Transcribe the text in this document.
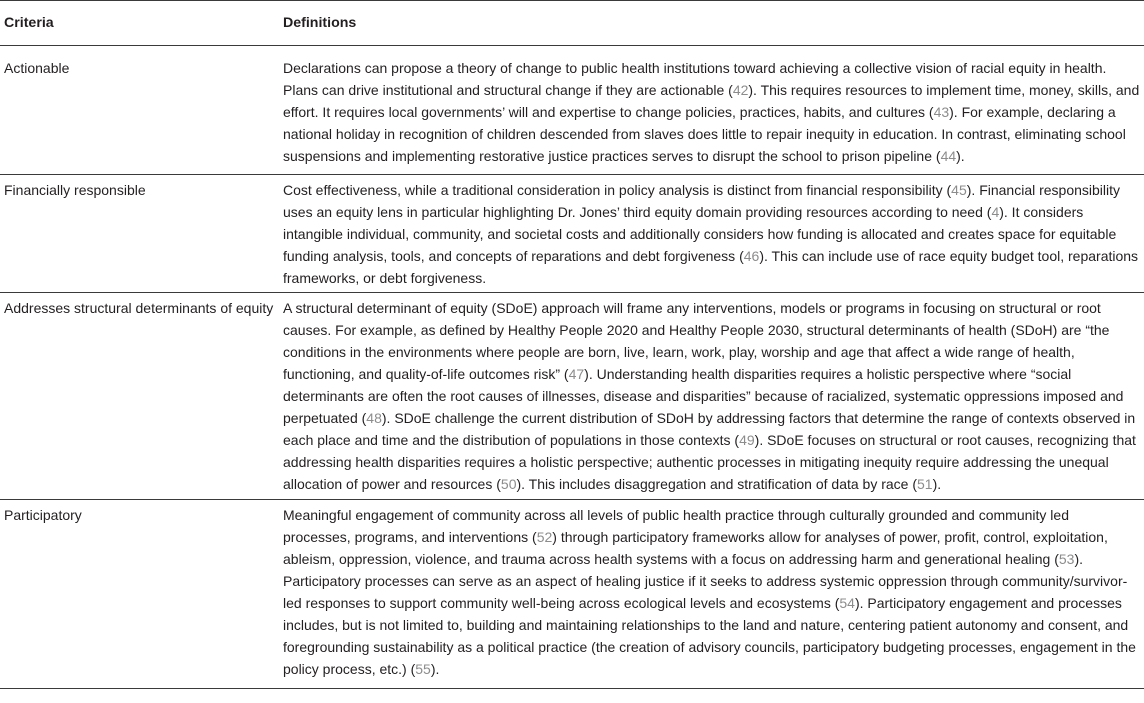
Criteria	Definitions
Actionable	Declarations can propose a theory of change to public health institutions toward achieving a collective vision of racial equity in health. Plans can drive institutional and structural change if they are actionable (42). This requires resources to implement time, money, skills, and effort. It requires local governments’ will and expertise to change policies, practices, habits, and cultures (43). For example, declaring a national holiday in recognition of children descended from slaves does little to repair inequity in education. In contrast, eliminating school suspensions and implementing restorative justice practices serves to disrupt the school to prison pipeline (44).
Financially responsible	Cost effectiveness, while a traditional consideration in policy analysis is distinct from financial responsibility (45). Financial responsibility uses an equity lens in particular highlighting Dr. Jones’ third equity domain providing resources according to need (4). It considers intangible individual, community, and societal costs and additionally considers how funding is allocated and creates space for equitable funding analysis, tools, and concepts of reparations and debt forgiveness (46). This can include use of race equity budget tool, reparations frameworks, or debt forgiveness.
Addresses structural determinants of equity	A structural determinant of equity (SDoE) approach will frame any interventions, models or programs in focusing on structural or root causes. For example, as defined by Healthy People 2020 and Healthy People 2030, structural determinants of health (SDoH) are “the conditions in the environments where people are born, live, learn, work, play, worship and age that affect a wide range of health, functioning, and quality-of-life outcomes risk” (47). Understanding health disparities requires a holistic perspective where “social determinants are often the root causes of illnesses, disease and disparities” because of racialized, systematic oppressions imposed and perpetuated (48). SDoE challenge the current distribution of SDoH by addressing factors that determine the range of contexts observed in each place and time and the distribution of populations in those contexts (49). SDoE focuses on structural or root causes, recognizing that addressing health disparities requires a holistic perspective; authentic processes in mitigating inequity require addressing the unequal allocation of power and resources (50). This includes disaggregation and stratification of data by race (51).
Participatory	Meaningful engagement of community across all levels of public health practice through culturally grounded and community led processes, programs, and interventions (52) through participatory frameworks allow for analyses of power, profit, control, exploitation, ableism, oppression, violence, and trauma across health systems with a focus on addressing harm and generational healing (53). Participatory processes can serve as an aspect of healing justice if it seeks to address systemic oppression through community/survivor-led responses to support community well-being across ecological levels and ecosystems (54). Participatory engagement and processes includes, but is not limited to, building and maintaining relationships to the land and nature, centering patient autonomy and consent, and foregrounding sustainability as a political practice (the creation of advisory councils, participatory budgeting processes, engagement in the policy process, etc.) (55).
